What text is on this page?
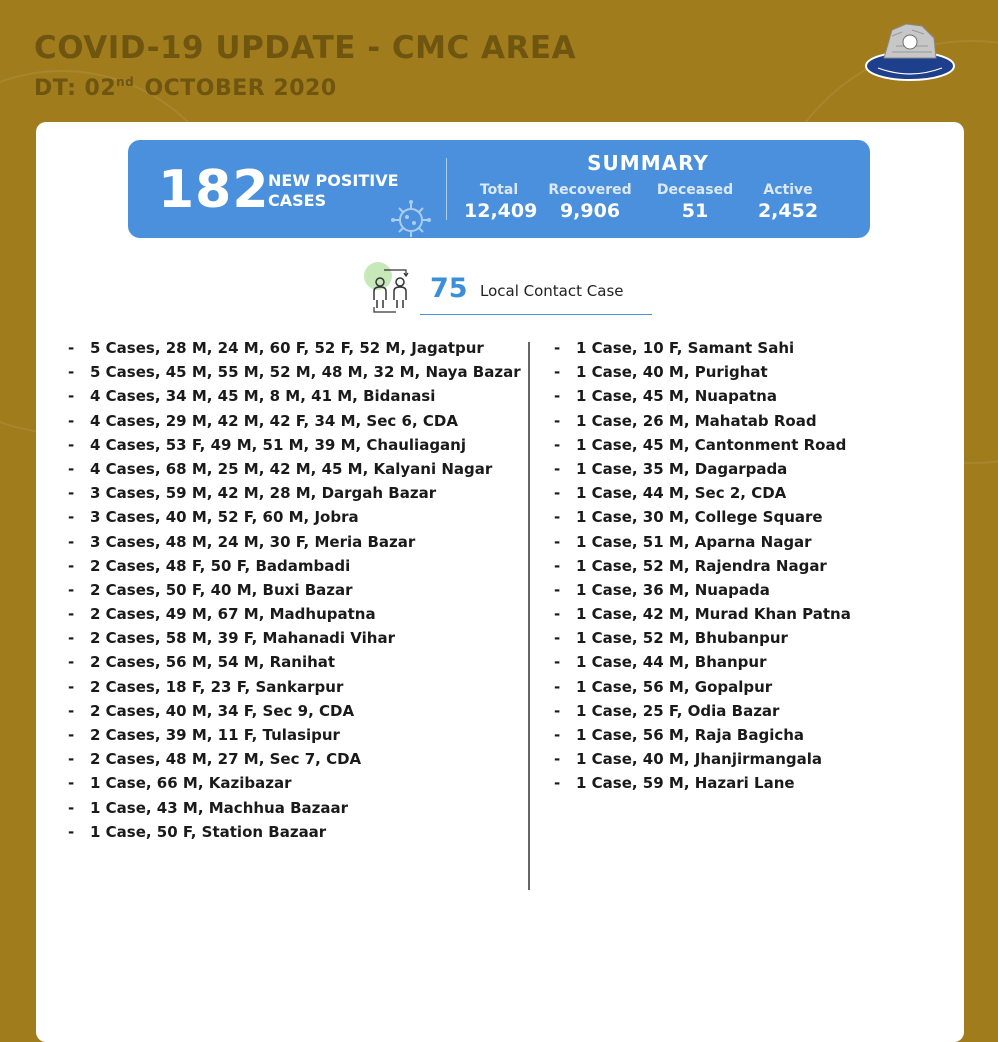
COVID-19 UPDATE - CMC AREA
DT: 02nd OCTOBER 2020
182
NEW POSITIVE CASES
SUMMARY
Total
12,409
Recovered
9,906
Deceased
51
Active
2,452
75 Local Contact Case
- 5 Cases, 28 M, 24 M, 60 F, 52 F, 52 M, Jagatpur
- 5 Cases, 45 M, 55 M, 52 M, 48 M, 32 M, Naya Bazar
- 4 Cases, 34 M, 45 M, 8 M, 41 M, Bidanasi
- 4 Cases, 29 M, 42 M, 42 F, 34 M, Sec 6, CDA
- 4 Cases, 53 F, 49 M, 51 M, 39 M, Chauliaganj
- 4 Cases, 68 M, 25 M, 42 M, 45 M, Kalyani Nagar
- 3 Cases, 59 M, 42 M, 28 M, Dargah Bazar
- 3 Cases, 40 M, 52 F, 60 M, Jobra
- 3 Cases, 48 M, 24 M, 30 F, Meria Bazar
- 2 Cases, 48 F, 50 F, Badambadi
- 2 Cases, 50 F, 40 M, Buxi Bazar
- 2 Cases, 49 M, 67 M, Madhupatna
- 2 Cases, 58 M, 39 F, Mahanadi Vihar
- 2 Cases, 56 M, 54 M, Ranihat
- 2 Cases, 18 F, 23 F, Sankarpur
- 2 Cases, 40 M, 34 F, Sec 9, CDA
- 2 Cases, 39 M, 11 F, Tulasipur
- 2 Cases, 48 M, 27 M, Sec 7, CDA
- 1 Case, 66 M, Kazibazar
- 1 Case, 43 M, Machhua Bazaar
- 1 Case, 50 F, Station Bazaar
- 1 Case, 10 F, Samant Sahi
- 1 Case, 40 M, Purighat
- 1 Case, 45 M, Nuapatna
- 1 Case, 26 M, Mahatab Road
- 1 Case, 45 M, Cantonment Road
- 1 Case, 35 M, Dagarpada
- 1 Case, 44 M, Sec 2, CDA
- 1 Case, 30 M, College Square
- 1 Case, 51 M, Aparna Nagar
- 1 Case, 52 M, Rajendra Nagar
- 1 Case, 36 M, Nuapada
- 1 Case, 42 M, Murad Khan Patna
- 1 Case, 52 M, Bhubanpur
- 1 Case, 44 M, Bhanpur
- 1 Case, 56 M, Gopalpur
- 1 Case, 25 F, Odia Bazar
- 1 Case, 56 M, Raja Bagicha
- 1 Case, 40 M, Jhanjirmangala
- 1 Case, 59 M, Hazari Lane
